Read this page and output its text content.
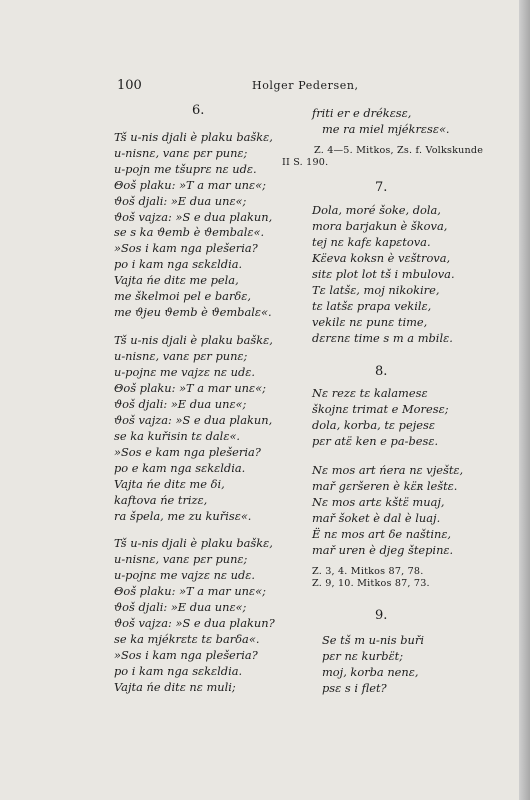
100	Holger Pedersen,
6.
Tš u-nis djali è plaku baškɛ,
u-nisnɛ, vanɛ pɛr punɛ;
u-pojn me tšuprɛ nɛ udɛ.
Θoš plaku: »T a mar unɛ«;
ϑoš djali: »E dua unɛ«;
ϑoš vajza: »S e dua plakun,
se s ka ϑemb è ϑembalɛ«.
»Sos i kam nga plešeria?
po i kam nga sɛkɛldia.
Vajta ńe ditɛ me pela,
me škelmoi pel e barδɛ,
me ϑjeu ϑemb è ϑembalɛ«.
Tš u-nis djali è plaku baškɛ,
u-nisnɛ, vanɛ pɛr punɛ;
u-pojnɛ me vajzɛ nɛ udɛ.
Θoš plaku: »T a mar unɛ«;
ϑoš djali: »E dua unɛ«;
ϑoš vajza: »S e dua plakun,
se ka kuřisin tɛ dalɛ«.
»Sos e kam nga plešeria?
po e kam nga sɛkɛldia.
Vajta ńe ditɛ me δi,
kaftova ńe trizɛ,
ra špela, me zu kuřisɛ«.
Tš u-nis djali è plaku baškɛ,
u-nisnɛ, vanɛ pɛr punɛ;
u-pojnɛ me vajzɛ nɛ udɛ.
Θoš plaku: »T a mar unɛ«;
ϑoš djali: »E dua unɛ«;
ϑoš vajza: »S e dua plakun?
se ka mjékrɛtɛ tɛ barδa«.
»Sos i kam nga plešeria?
po i kam nga sɛkɛldia.
Vajta ńe ditɛ nɛ muli;
friti er e drékɛsɛ,
me ra miel mjékrɛsɛ«.
Z. 4—5. Mitkos, Zs. f. Volkskunde
II S. 190.
7.
Dola, moré šoke, dola,
mora barjakun è škova,
tej nɛ kafɛ kapɛtova.
Kɛ̈eva koksn è vɛštrova,
sitɛ plot lot tš i mbulova.
Tɛ latšɛ, moj nikokire,
tɛ latšɛ prapa vekilɛ,
vekilɛ nɛ punɛ time,
dɛrɛnɛ time s m a mbilɛ.
8.
Nɛ rezɛ tɛ kalamesɛ
škojnɛ trimat e Moresɛ;
dola, korba, tɛ pejesɛ
pɛr atɛ̈ ken e pa-besɛ.
Nɛ mos art ńera nɛ vještɛ,
mař gɛršeren è kɛ̈ʀ leštɛ.
Nɛ mos artɛ kštɛ̈ muaj,
mař šoket è dal è luaj.
Ë nɛ mos art δe naštinɛ,
mař uren è djeg štepinɛ.
Z. 3, 4. Mitkos 87, 78.
Z. 9, 10. Mitkos 87, 73.
9.
Se tš m u-nis buři
pɛr nɛ kurbɛ̈t;
moj, korba nenɛ,
psɛ s i flet?
